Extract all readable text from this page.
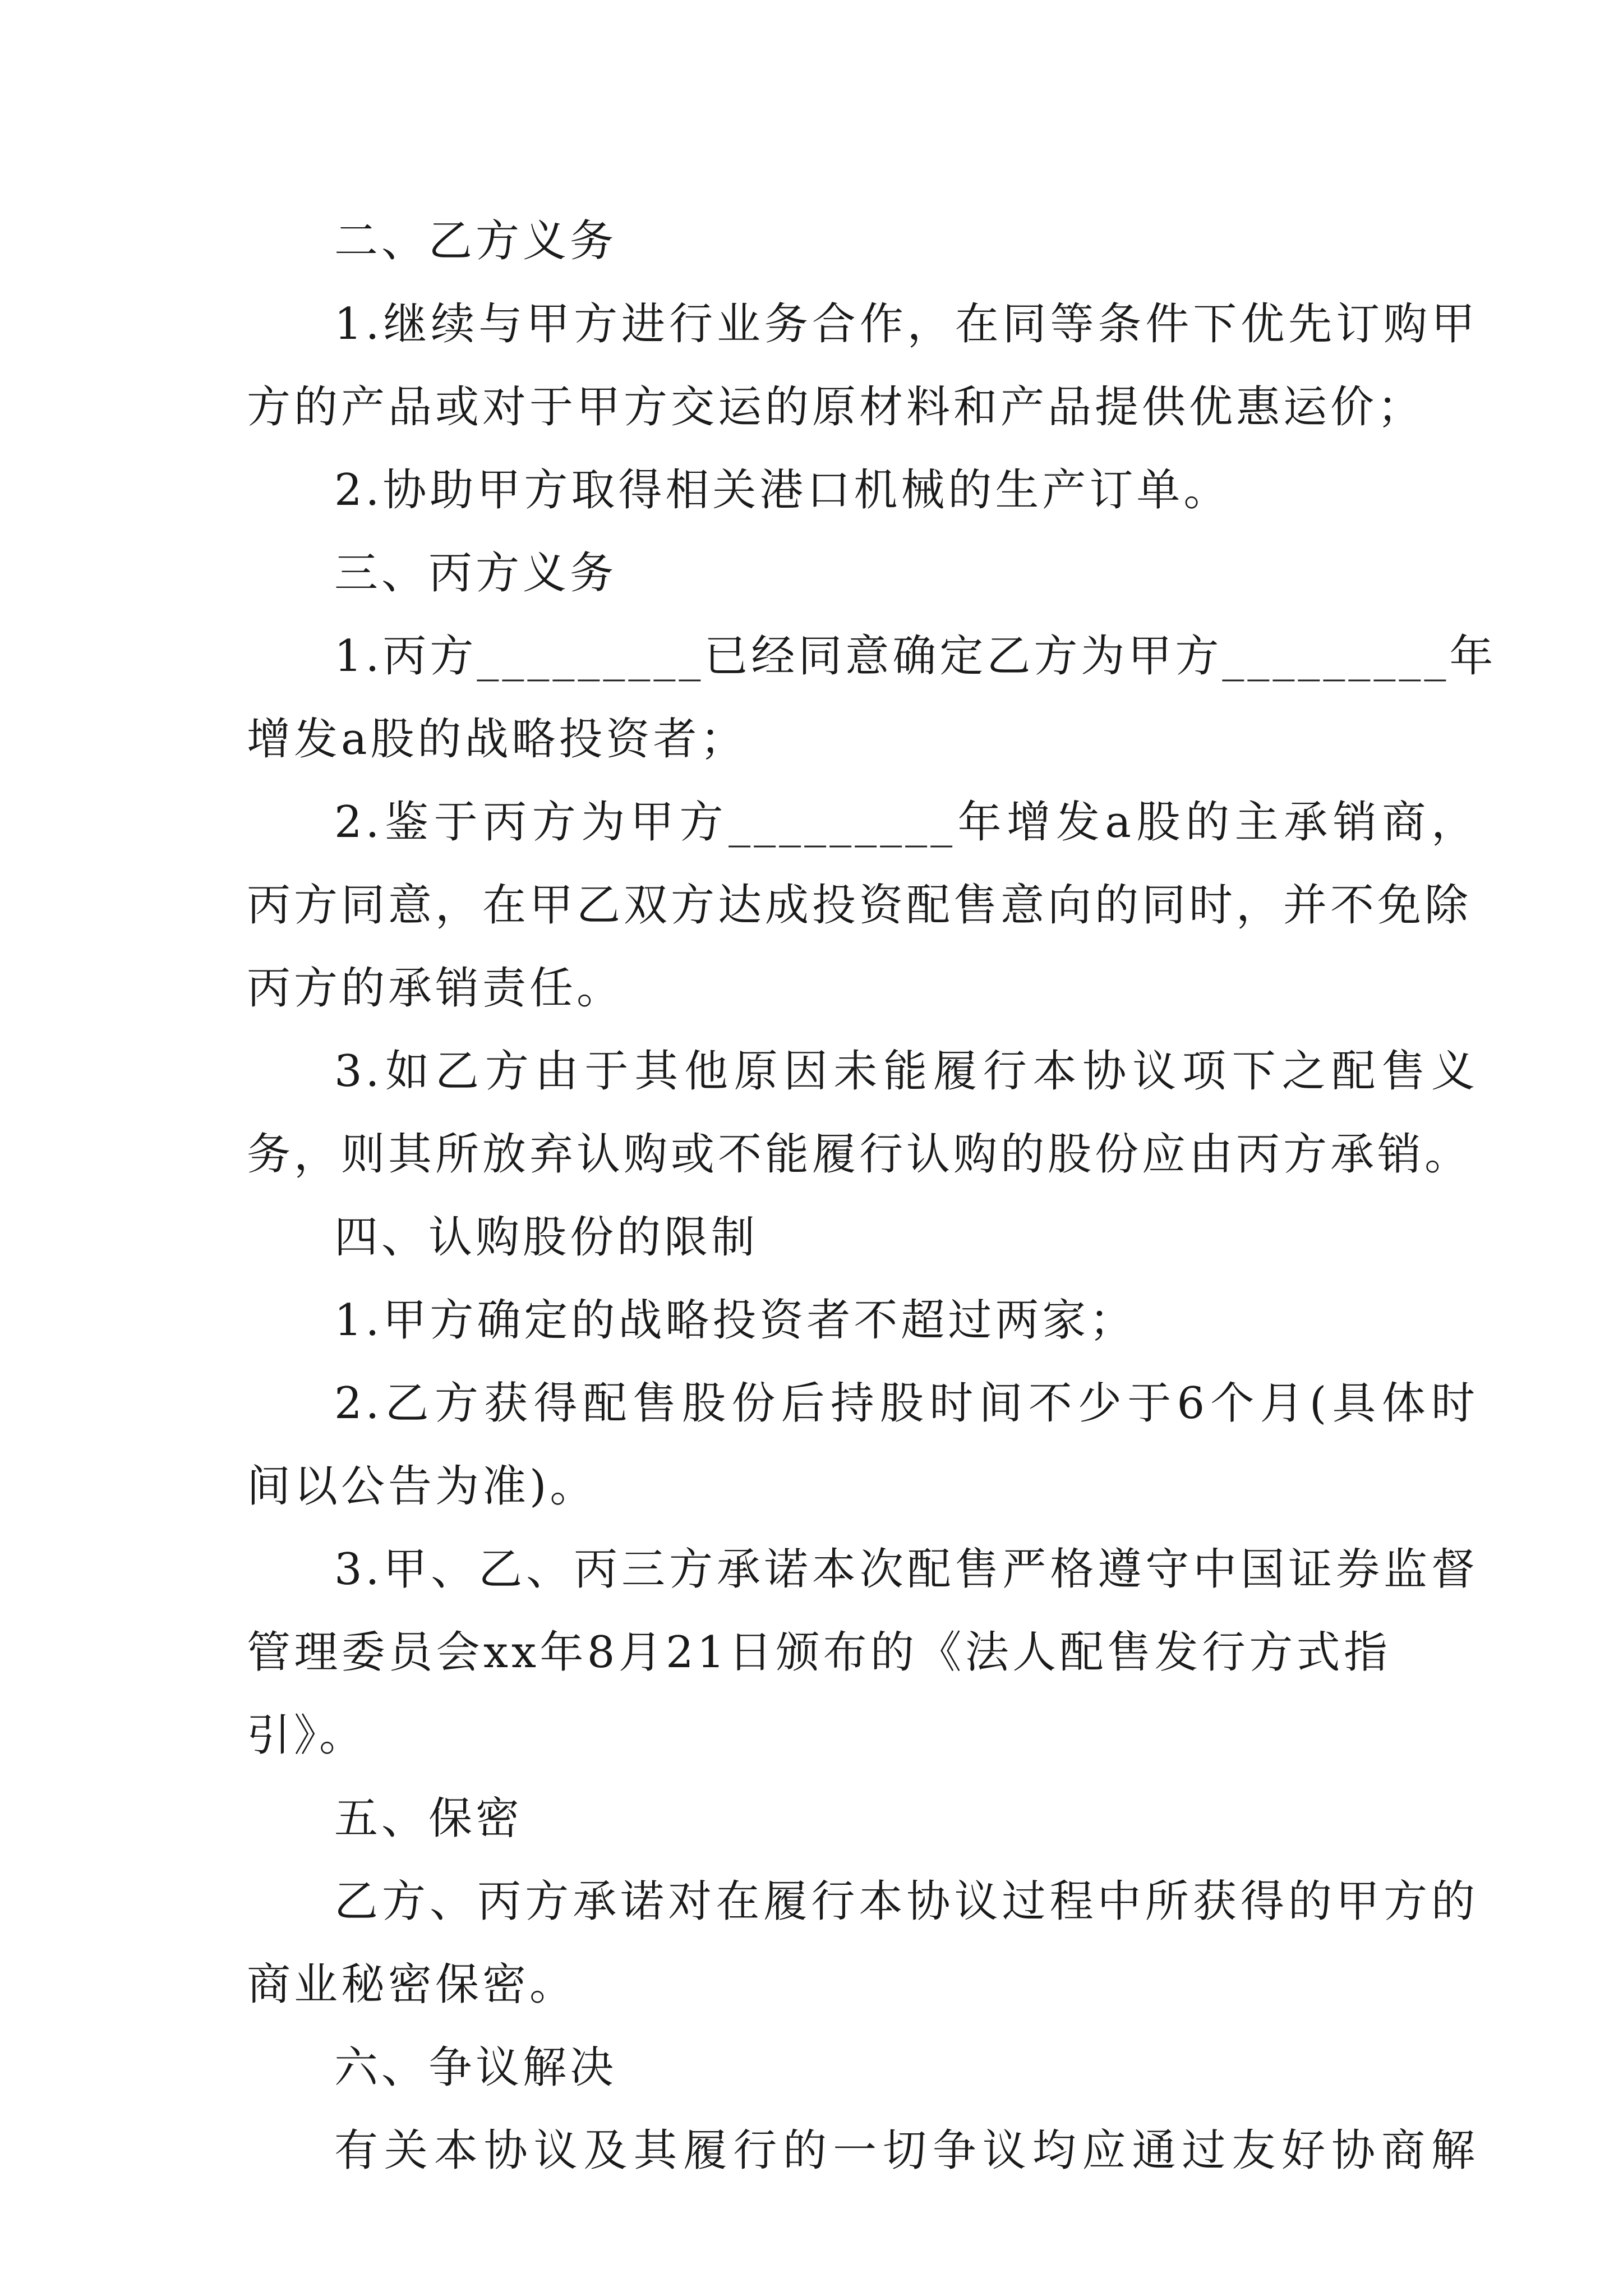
二、乙方义务

1.继续与甲方进行业务合作，在同等条件下优先订购甲

方的产品或对于甲方交运的原材料和产品提供优惠运价；

2.协助甲方取得相关港口机械的生产订单。

三、丙方义务

1.丙方_________已经同意确定乙方为甲方_________年

增发a股的战略投资者；

2.鉴于丙方为甲方_________年增发a股的主承销商，

丙方同意，在甲乙双方达成投资配售意向的同时，并不免除

丙方的承销责任。

3.如乙方由于其他原因未能履行本协议项下之配售义

务，则其所放弃认购或不能履行认购的股份应由丙方承销。

四、认购股份的限制

1.甲方确定的战略投资者不超过两家；

2.乙方获得配售股份后持股时间不少于6个月(具体时

间以公告为准)。

3.甲、乙、丙三方承诺本次配售严格遵守中国证券监督

管理委员会xx年8月21日颁布的《法人配售发行方式指

引》。

五、保密

乙方、丙方承诺对在履行本协议过程中所获得的甲方的

商业秘密保密。

六、争议解决

有关本协议及其履行的一切争议均应通过友好协商解
